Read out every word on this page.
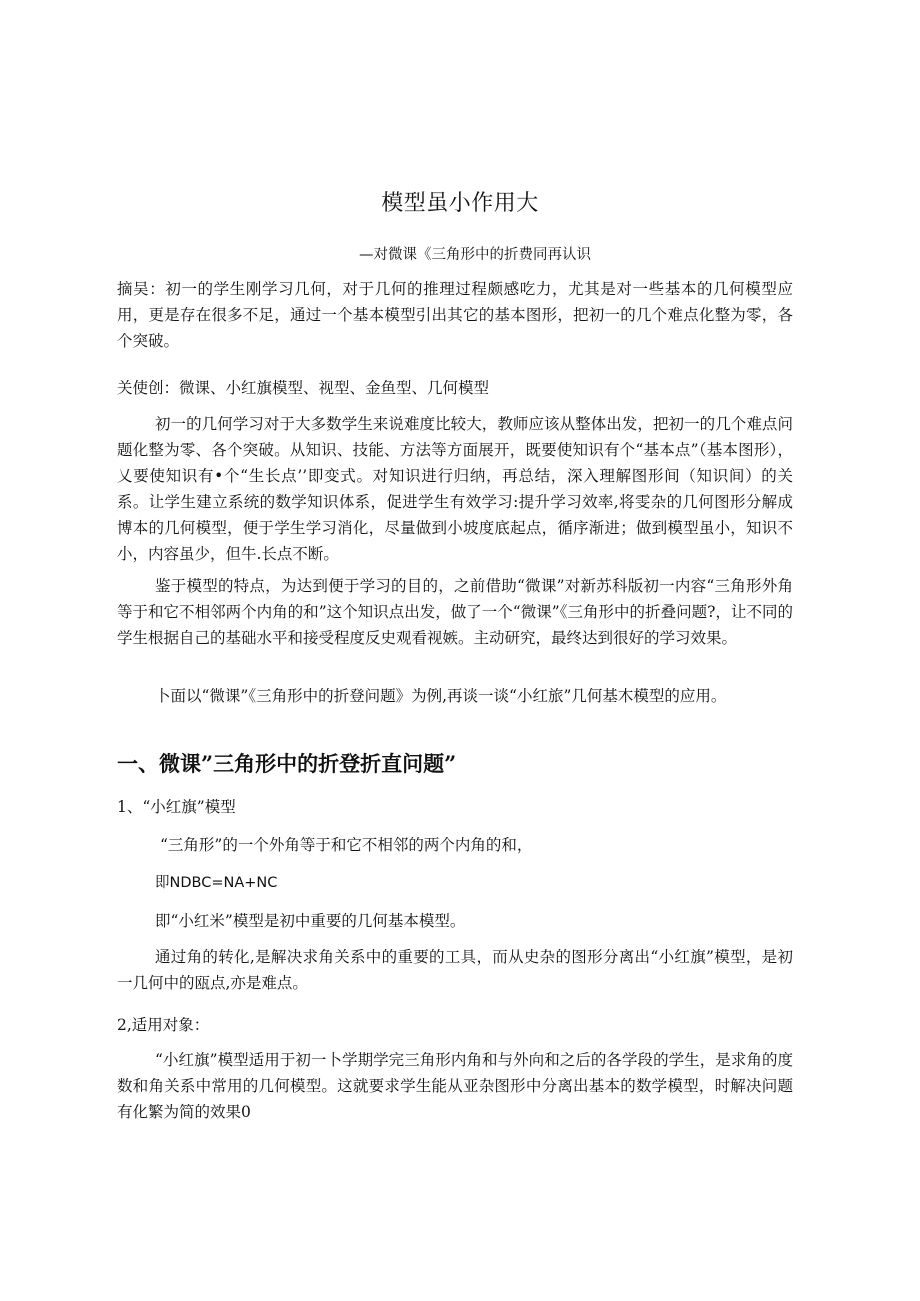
模型虽小作用大
—对微课《三角形中的折费同再认识

摘吴：初一的学生刚学习几何，对于几何的推理过程颇感吃力，尤其是对一些基本的几何模型应用，更是存在很多不足，通过一个基本模型引出其它的基本图形，把初一的几个难点化整为零，各个突破。

关使创：微课、小红旗模型、视型、金鱼型、几何模型

初一的几何学习对于大多数学生来说难度比较大，教师应该从整体出发，把初一的几个难点问题化整为零、各个突破。从知识、技能、方法等方面展开，既要使知识有个“基本点”（基本图形），乂要使知识有•个“生长点’’即变式。对知识进行归纳，再总结，深入理解图形间（知识间）的关系。让学生建立系统的数学知识体系，促进学生有效学习:提升学习效率,将雯杂的几何图形分解成博本的几何模型，便于学生学习消化，尽量做到小坡度底起点，循序渐进；做到模型虽小，知识不小，内容虽少，但牛.长点不断。

鉴于模型的特点，为达到便于学习的目的，之前借助“微课”对新苏科版初一内容“三角形外角等于和它不相邻两个内角的和”这个知识点出发，做了一个“微课”《三角形中的折叠问题?，让不同的学生根据自己的基础水平和接受程度反史观看视嫉。主动研究，最终达到很好的学习效果。

卜面以“微课”《三角形中的折登问题》为例,再谈一谈“小红旅”几何基木模型的应用。

一、微课”三角形中的折登折直问题”

1、“小红旗”模型

“三角形”的一个外角等于和它不相邻的两个内角的和，

即NDBC=NA+NC

即“小红米”模型是初中重要的几何基本模型。

通过角的转化,是解决求角关系中的重要的工具，而从史杂的图形分离出“小红旗”模型，是初一几何中的瓯点,亦是难点。

2,适用对象：

“小红旗”模型适用于初一卜学期学完三角形内角和与外向和之后的各学段的学生，是求角的度数和角关系中常用的几何模型。这就要求学生能从亚杂图形中分离出基本的数学模型，时解决问题有化繁为简的效果0
